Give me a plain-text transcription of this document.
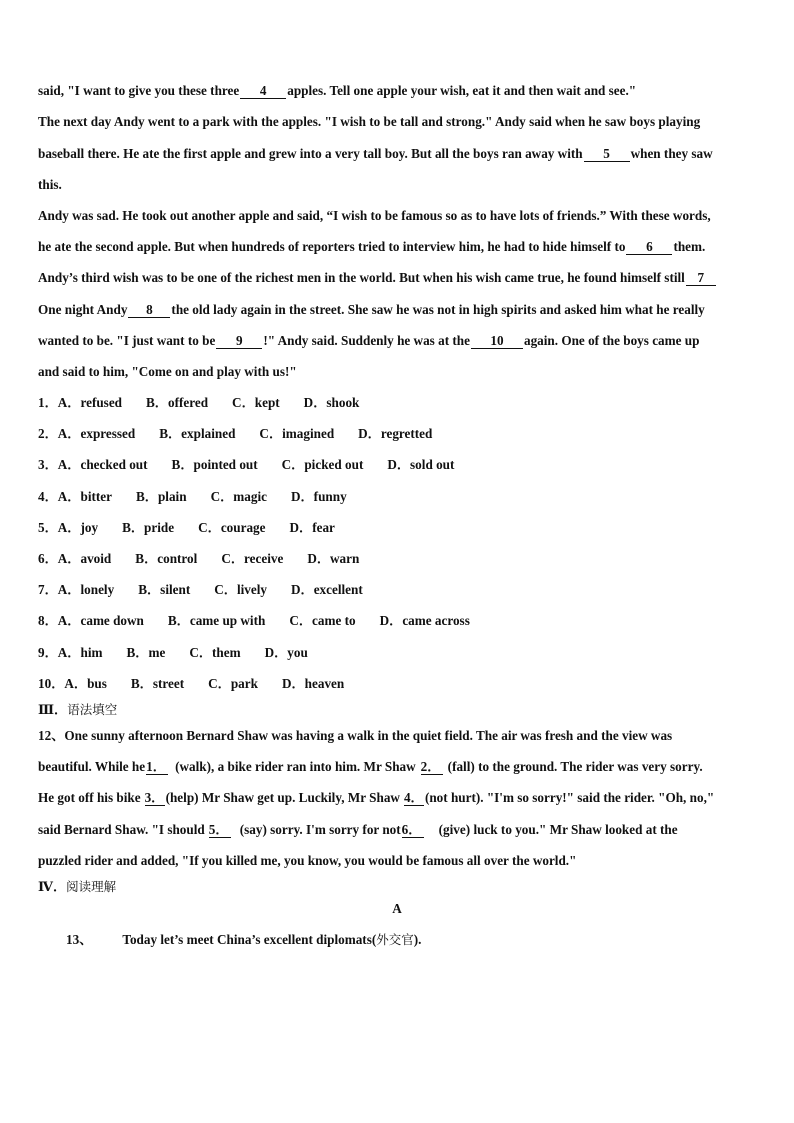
said, "I want to give you these three 4 apples. Tell one apple your wish, eat it and then wait and see."
The next day Andy went to a park with the apples. "I wish to be tall and strong." Andy said when he saw boys playing
baseball there. He ate the first apple and grew into a very tall boy. But all the boys ran away with 5 when they saw
this.
Andy was sad. He took out another apple and said, “I wish to be famous so as to have lots of friends.” With these words,
he ate the second apple. But when hundreds of reporters tried to interview him, he had to hide himself to 6 them.
Andy’s third wish was to be one of the richest men in the world. But when his wish came true, he found himself still 7
One night Andy 8 the old lady again in the street. She saw he was not in high spirits and asked him what he really
wanted to be. "I just want to be 9 !" Andy said. Suddenly he was at the 10 again. One of the boys came up
and said to him, "Come on and play with us!"
1．A．refused B．offered C．kept D．shook
2．A．expressed B．explained C．imagined D．regretted
3．A．checked out B．pointed out C．picked out D．sold out
4．A．bitter B．plain C．magic D．funny
5．A．joy B．pride C．courage D．fear
6．A．avoid B．control C．receive D．warn
7．A．lonely B．silent C．lively D．excellent
8．A．came down B．came up with C．came to D．came across
9．A．him B．me C．them D．you
10．A．bus B．street C．park D．heaven
Ⅲ．语法填空
12、One sunny afternoon Bernard Shaw was having a walk in the quiet field. The air was fresh and the view was
beautiful. While he1． (walk), a bike rider ran into him. Mr Shaw 2． (fall) to the ground. The rider was very sorry.
He got off his bike 3．(help) Mr Shaw get up. Luckily, Mr Shaw 4．(not hurt). "I'm so sorry!" said the rider. "Oh, no,"
said Bernard Shaw. "I should 5． (say) sorry. I'm sorry for not6． (give) luck to you." Mr Shaw looked at the
puzzled rider and added, "If you killed me, you know, you would be famous all over the world."
Ⅳ．阅读理解
A
13、 Today let’s meet China’s excellent diplomats(外交官).
